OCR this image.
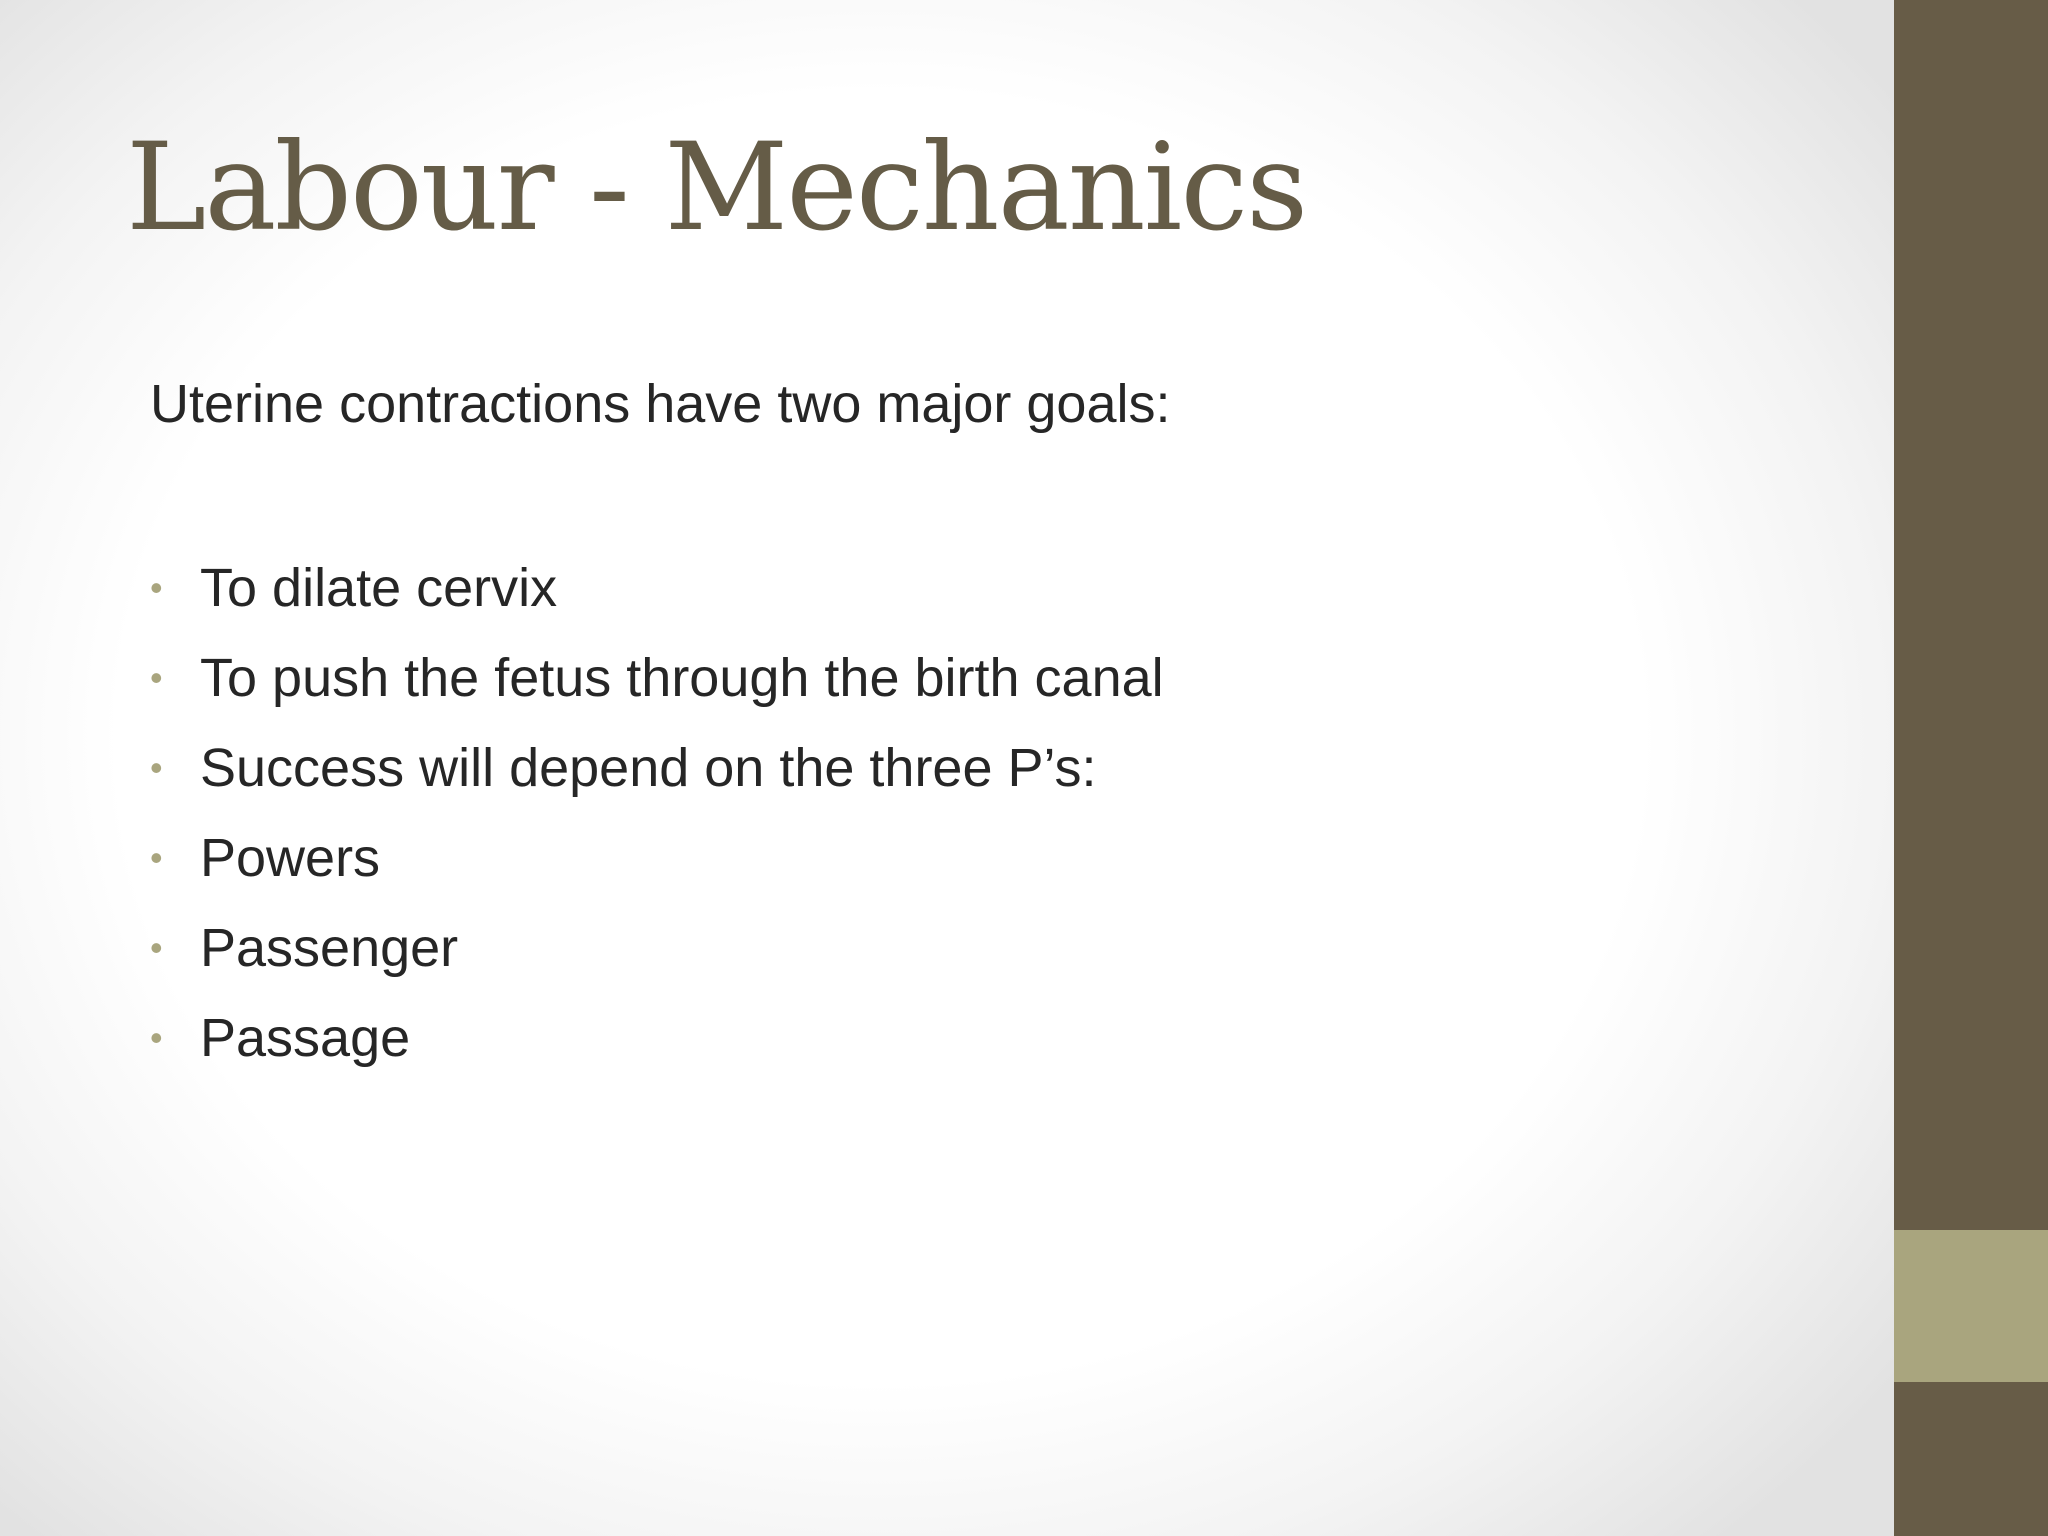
Labour - Mechanics

Uterine contractions have two major goals:

• To dilate cervix
• To push the fetus through the birth canal
• Success will depend on the three P’s:
• Powers
• Passenger
• Passage
